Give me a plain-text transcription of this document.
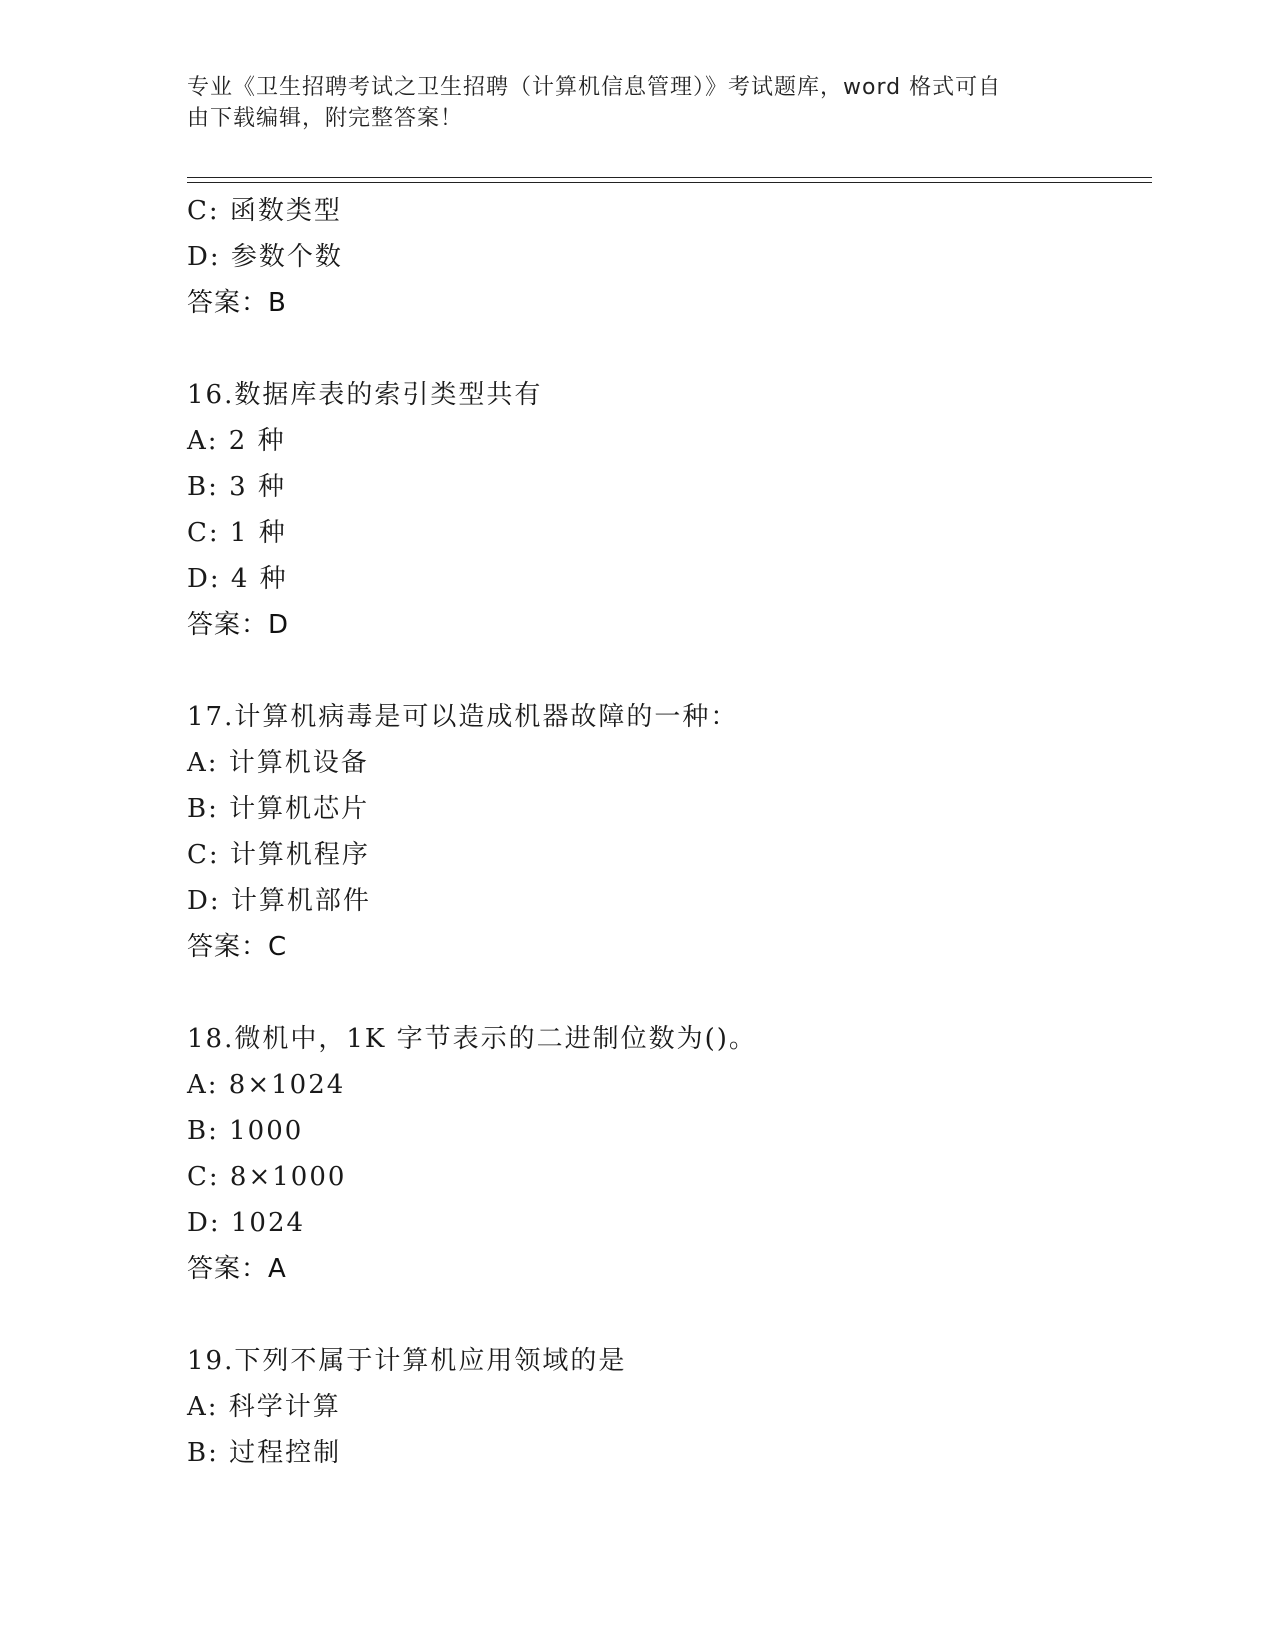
专业《卫生招聘考试之卫生招聘（计算机信息管理）》考试题库，word 格式可自
由下载编辑，附完整答案！
C: 函数类型
D: 参数个数
答案：B
16.数据库表的索引类型共有
A: 2 种
B: 3 种
C: 1 种
D: 4 种
答案：D
17.计算机病毒是可以造成机器故障的一种：
A: 计算机设备
B: 计算机芯片
C: 计算机程序
D: 计算机部件
答案：C
18.微机中，1K 字节表示的二进制位数为()。
A: 8×1024
B: 1000
C: 8×1000
D: 1024
答案：A
19.下列不属于计算机应用领域的是
A: 科学计算
B: 过程控制
